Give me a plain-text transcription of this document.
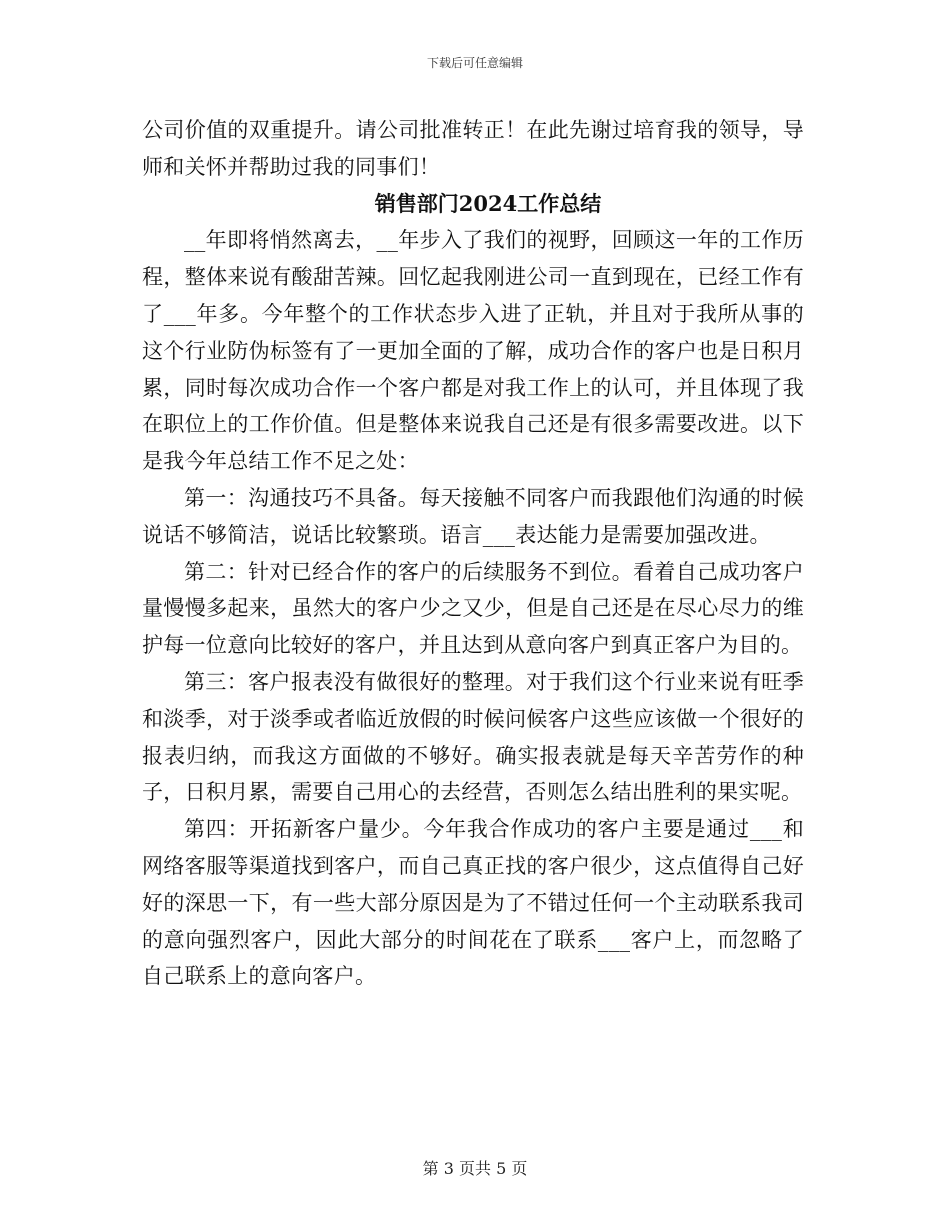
下载后可任意编辑

公司价值的双重提升。请公司批准转正！在此先谢过培育我的领导，导师和关怀并帮助过我的同事们！

销售部门2024工作总结

__年即将悄然离去，__年步入了我们的视野，回顾这一年的工作历程，整体来说有酸甜苦辣。回忆起我刚进公司一直到现在，已经工作有了___年多。今年整个的工作状态步入进了正轨，并且对于我所从事的这个行业防伪标签有了一更加全面的了解，成功合作的客户也是日积月累，同时每次成功合作一个客户都是对我工作上的认可，并且体现了我在职位上的工作价值。但是整体来说我自己还是有很多需要改进。以下是我今年总结工作不足之处：

第一：沟通技巧不具备。每天接触不同客户而我跟他们沟通的时候说话不够简洁，说话比较繁琐。语言___表达能力是需要加强改进。

第二：针对已经合作的客户的后续服务不到位。看着自己成功客户量慢慢多起来，虽然大的客户少之又少，但是自己还是在尽心尽力的维护每一位意向比较好的客户，并且达到从意向客户到真正客户为目的。

第三：客户报表没有做很好的整理。对于我们这个行业来说有旺季和淡季，对于淡季或者临近放假的时候问候客户这些应该做一个很好的报表归纳，而我这方面做的不够好。确实报表就是每天辛苦劳作的种子，日积月累，需要自己用心的去经营，否则怎么结出胜利的果实呢。

第四：开拓新客户量少。今年我合作成功的客户主要是通过___和网络客服等渠道找到客户，而自己真正找的客户很少，这点值得自己好好的深思一下，有一些大部分原因是为了不错过任何一个主动联系我司的意向强烈客户，因此大部分的时间花在了联系___客户上，而忽略了自己联系上的意向客户。

第 3 页共 5 页
